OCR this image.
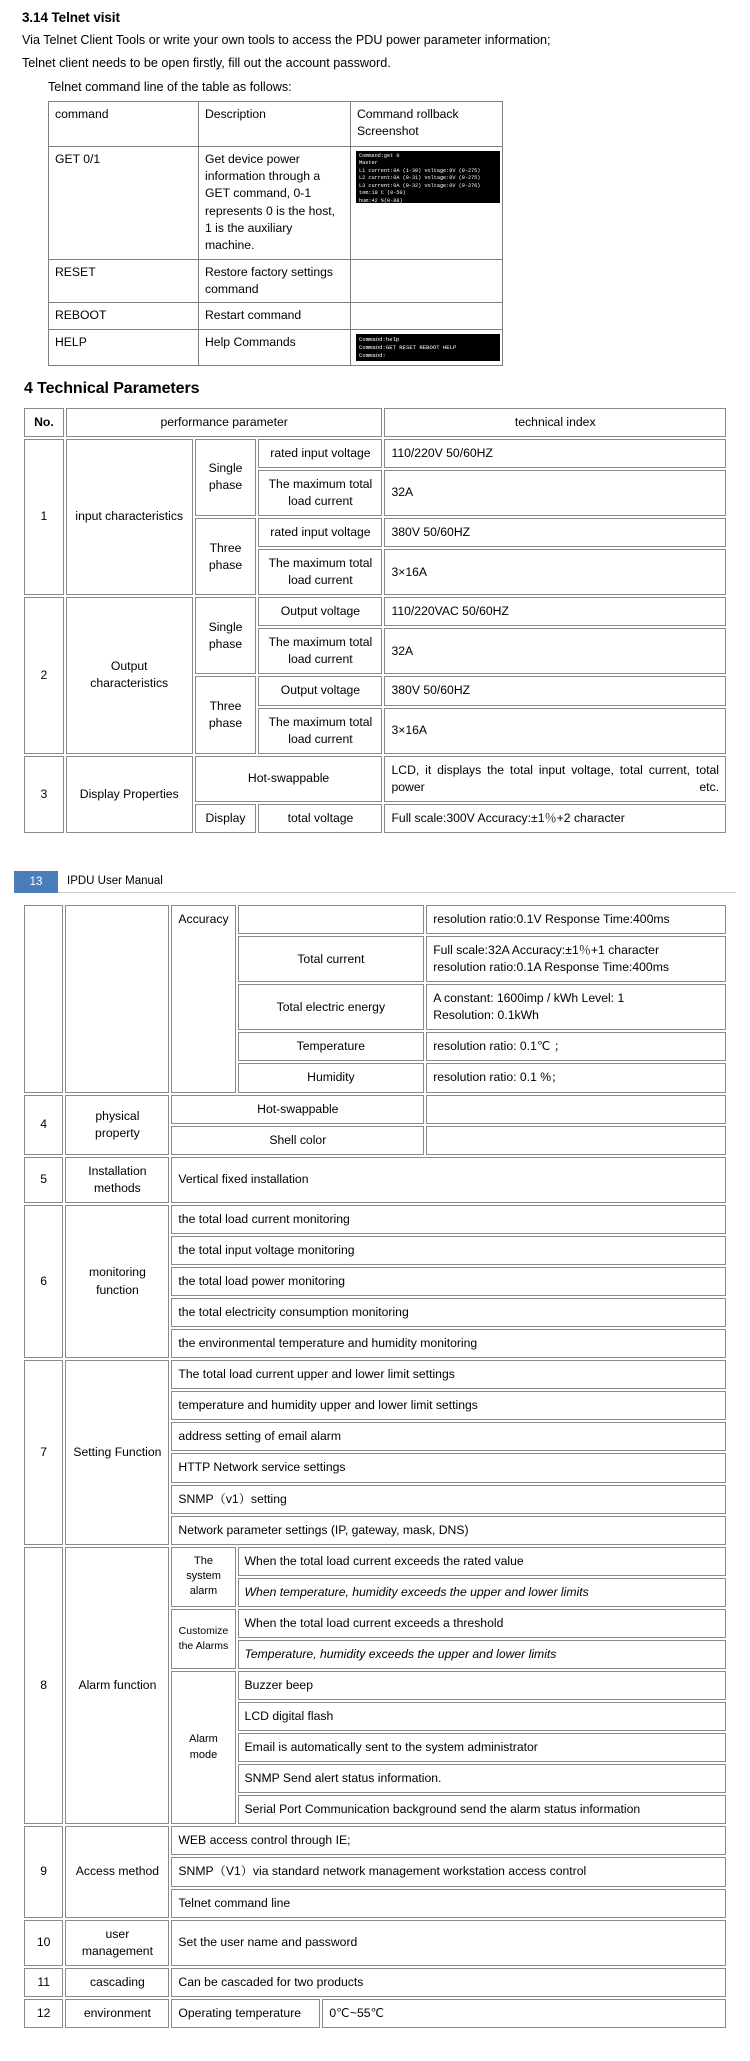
3.14 Telnet visit

Via Telnet Client Tools or write your own tools to access the PDU power parameter information;

Telnet client needs to be open firstly, fill out the account password.

Telnet command line of the table as follows:

command	Description	Command rollback
Screenshot
GET 0/1	Get device power information through a GET command, 0-1 represents 0 is the host, 1 is the auxiliary machine.	
Command:get 0
Master
L1 current:0A (1-30) voltage:0V (0-275)
L2 current:0A (0-31) voltage:0V (0-275)
L3 current:0A (0-32) voltage:0V (0-276)
tem:19 C (0-50)
hum:42 %(0-88)

RESET	Restore factory settings command	
REBOOT	Restart command	
HELP	Help Commands	Command:help
Command:GET RESET REBOOT HELP
Command:
4 Technical Parameters
No.	performance parameter			technical index
1	input characteristics	Single phase	rated input voltage	110/220V 50/60HZ
			The maximum total load current	32A
		Three phase	rated input voltage	380V 50/60HZ
			The maximum total load current	3×16A
2	Output characteristics	Single phase	Output voltage	110/220VAC 50/60HZ
			The maximum total load current	32A
		Three phase	Output voltage	380V 50/60HZ
			The maximum total load current	3×16A
3	Display Properties	Hot-swappable		LCD, it displays the total input voltage, total current, total power etc.
		Display	total voltage	Full scale:300V Accuracy:±1％+2 character
13	IPDU User Manual
		Accuracy			resolution ratio:0.1V Response Time:400ms
			Total current		Full scale:32A Accuracy:±1％+1 character
resolution ratio:0.1A Response Time:400ms

			Total electric energy		A constant: 1600imp / kWh Level: 1
Resolution: 0.1kWh

			Temperature		resolution ratio: 0.1℃ ；
			Humidity		resolution ratio: 0.1 %；
4	physical property	Hot-swappable			
		Shell color			
5	Installation methods	Vertical fixed installation			
6	monitoring function	the total load current monitoring			
		the total input voltage monitoring			
		the total load power monitoring			
		the total electricity consumption monitoring			
		the environmental temperature and humidity monitoring			
7	Setting Function	The total load current upper and lower limit settings			
		temperature and humidity upper and lower limit settings			
		address setting of email alarm			
		HTTP Network service settings			
		SNMP（v1）setting			
		Network parameter settings (IP, gateway, mask, DNS)			
8	Alarm function	The system alarm	When the total load current exceeds the rated value		
			When temperature, humidity exceeds the upper and lower limits		
		Customize the Alarms	When the total load current exceeds a threshold		
			Temperature, humidity exceeds the upper and lower limits		
		Alarm mode	Buzzer beep		
			LCD digital flash		
			Email is automatically sent to the system administrator		
			SNMP Send alert status information.		
			Serial Port Communication background send the alarm status information		
9	Access method	WEB access control through IE;			
		SNMP（V1）via standard network management workstation access control			
		Telnet command line			
10	user management	Set the user name and password			
11	cascading	Can be cascaded for two products			
12	environment	Operating temperature		0℃~55℃	
